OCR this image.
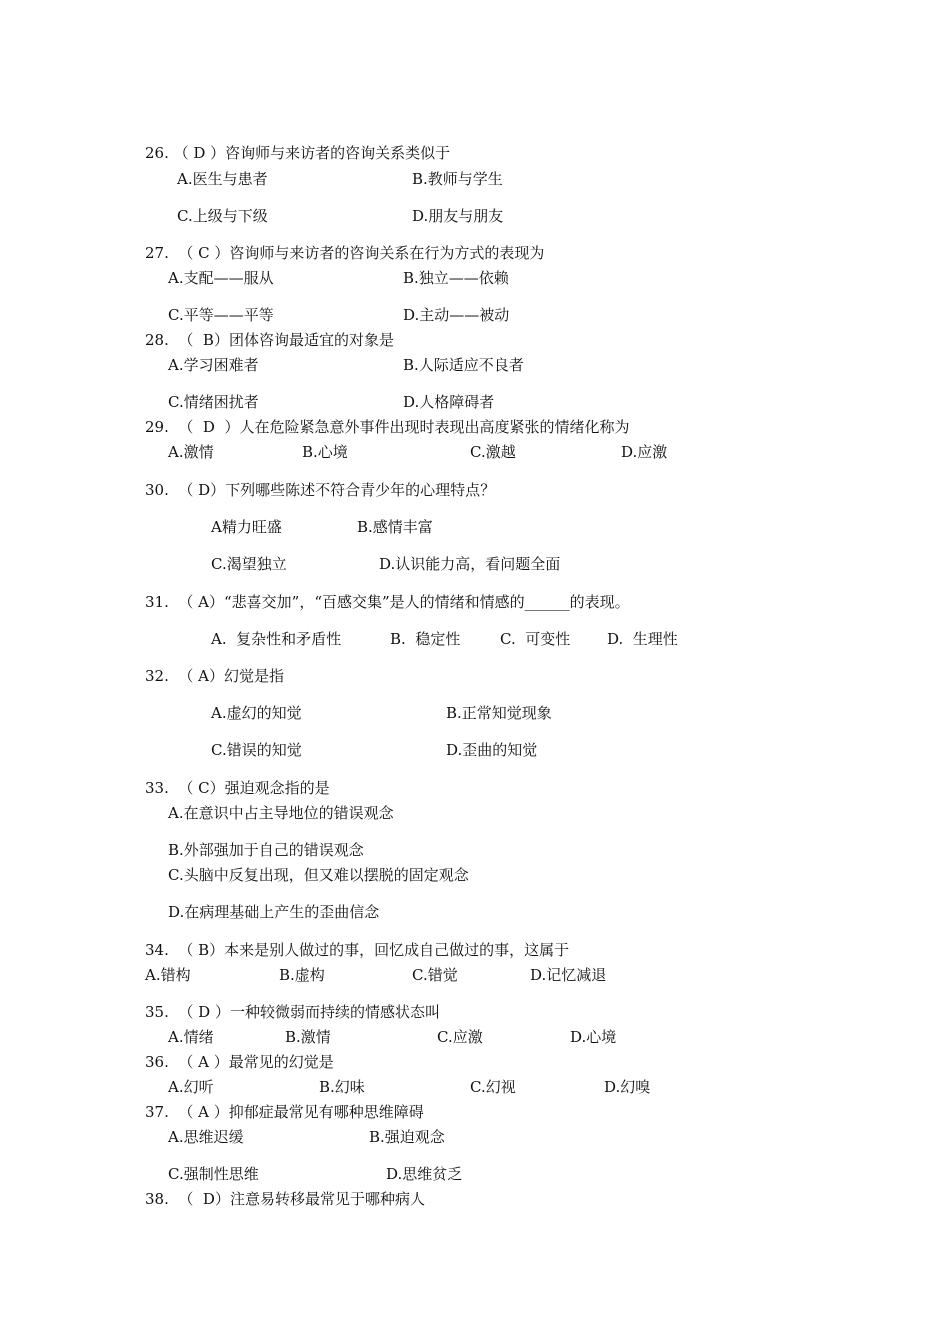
26. （ D ）咨询师与来访者的咨询关系类似于
A.医生与患者	B.教师与学生
C.上级与下级	D.朋友与朋友
27.  （ C ）咨询师与来访者的咨询关系在行为方式的表现为
A.支配——服从	B.独立——依赖
C.平等——平等	D.主动——被动
28.  （  B）团体咨询最适宜的对象是
A.学习困难者	B.人际适应不良者
C.情绪困扰者	D.人格障碍者
29.  （  D  ）人在危险紧急意外事件出现时表现出高度紧张的情绪化称为
A.激情	B.心境	C.激越	D.应激
30.  （ D）下列哪些陈述不符合青少年的心理特点？
A精力旺盛	B.感情丰富
C.渴望独立	D.认识能力高，看问题全面
31.  （ A）“悲喜交加”，“百感交集”是人的情绪和情感的______的表现。
A.  复杂性和矛盾性	B.  稳定性	C.  可变性 D.  生理性
32.  （ A）幻觉是指
A.虚幻的知觉	B.正常知觉现象
C.错误的知觉	D.歪曲的知觉
33.  （ C）强迫观念指的是
A.在意识中占主导地位的错误观念
B.外部强加于自己的错误观念
C.头脑中反复出现，但又难以摆脱的固定观念
D.在病理基础上产生的歪曲信念
34.  （ B）本来是别人做过的事，回忆成自己做过的事，这属于
A.错构	B.虚构	C.错觉	D.记忆减退
35.  （ D ）一种较微弱而持续的情感状态叫
A.情绪	B.激情	C.应激	D.心境
36.  （ A ）最常见的幻觉是
A.幻听	B.幻味	C.幻视	D.幻嗅
37.  （ A ）抑郁症最常见有哪种思维障碍
A.思维迟缓	B.强迫观念
C.强制性思维	D.思维贫乏
38.  （  D）注意易转移最常见于哪种病人
